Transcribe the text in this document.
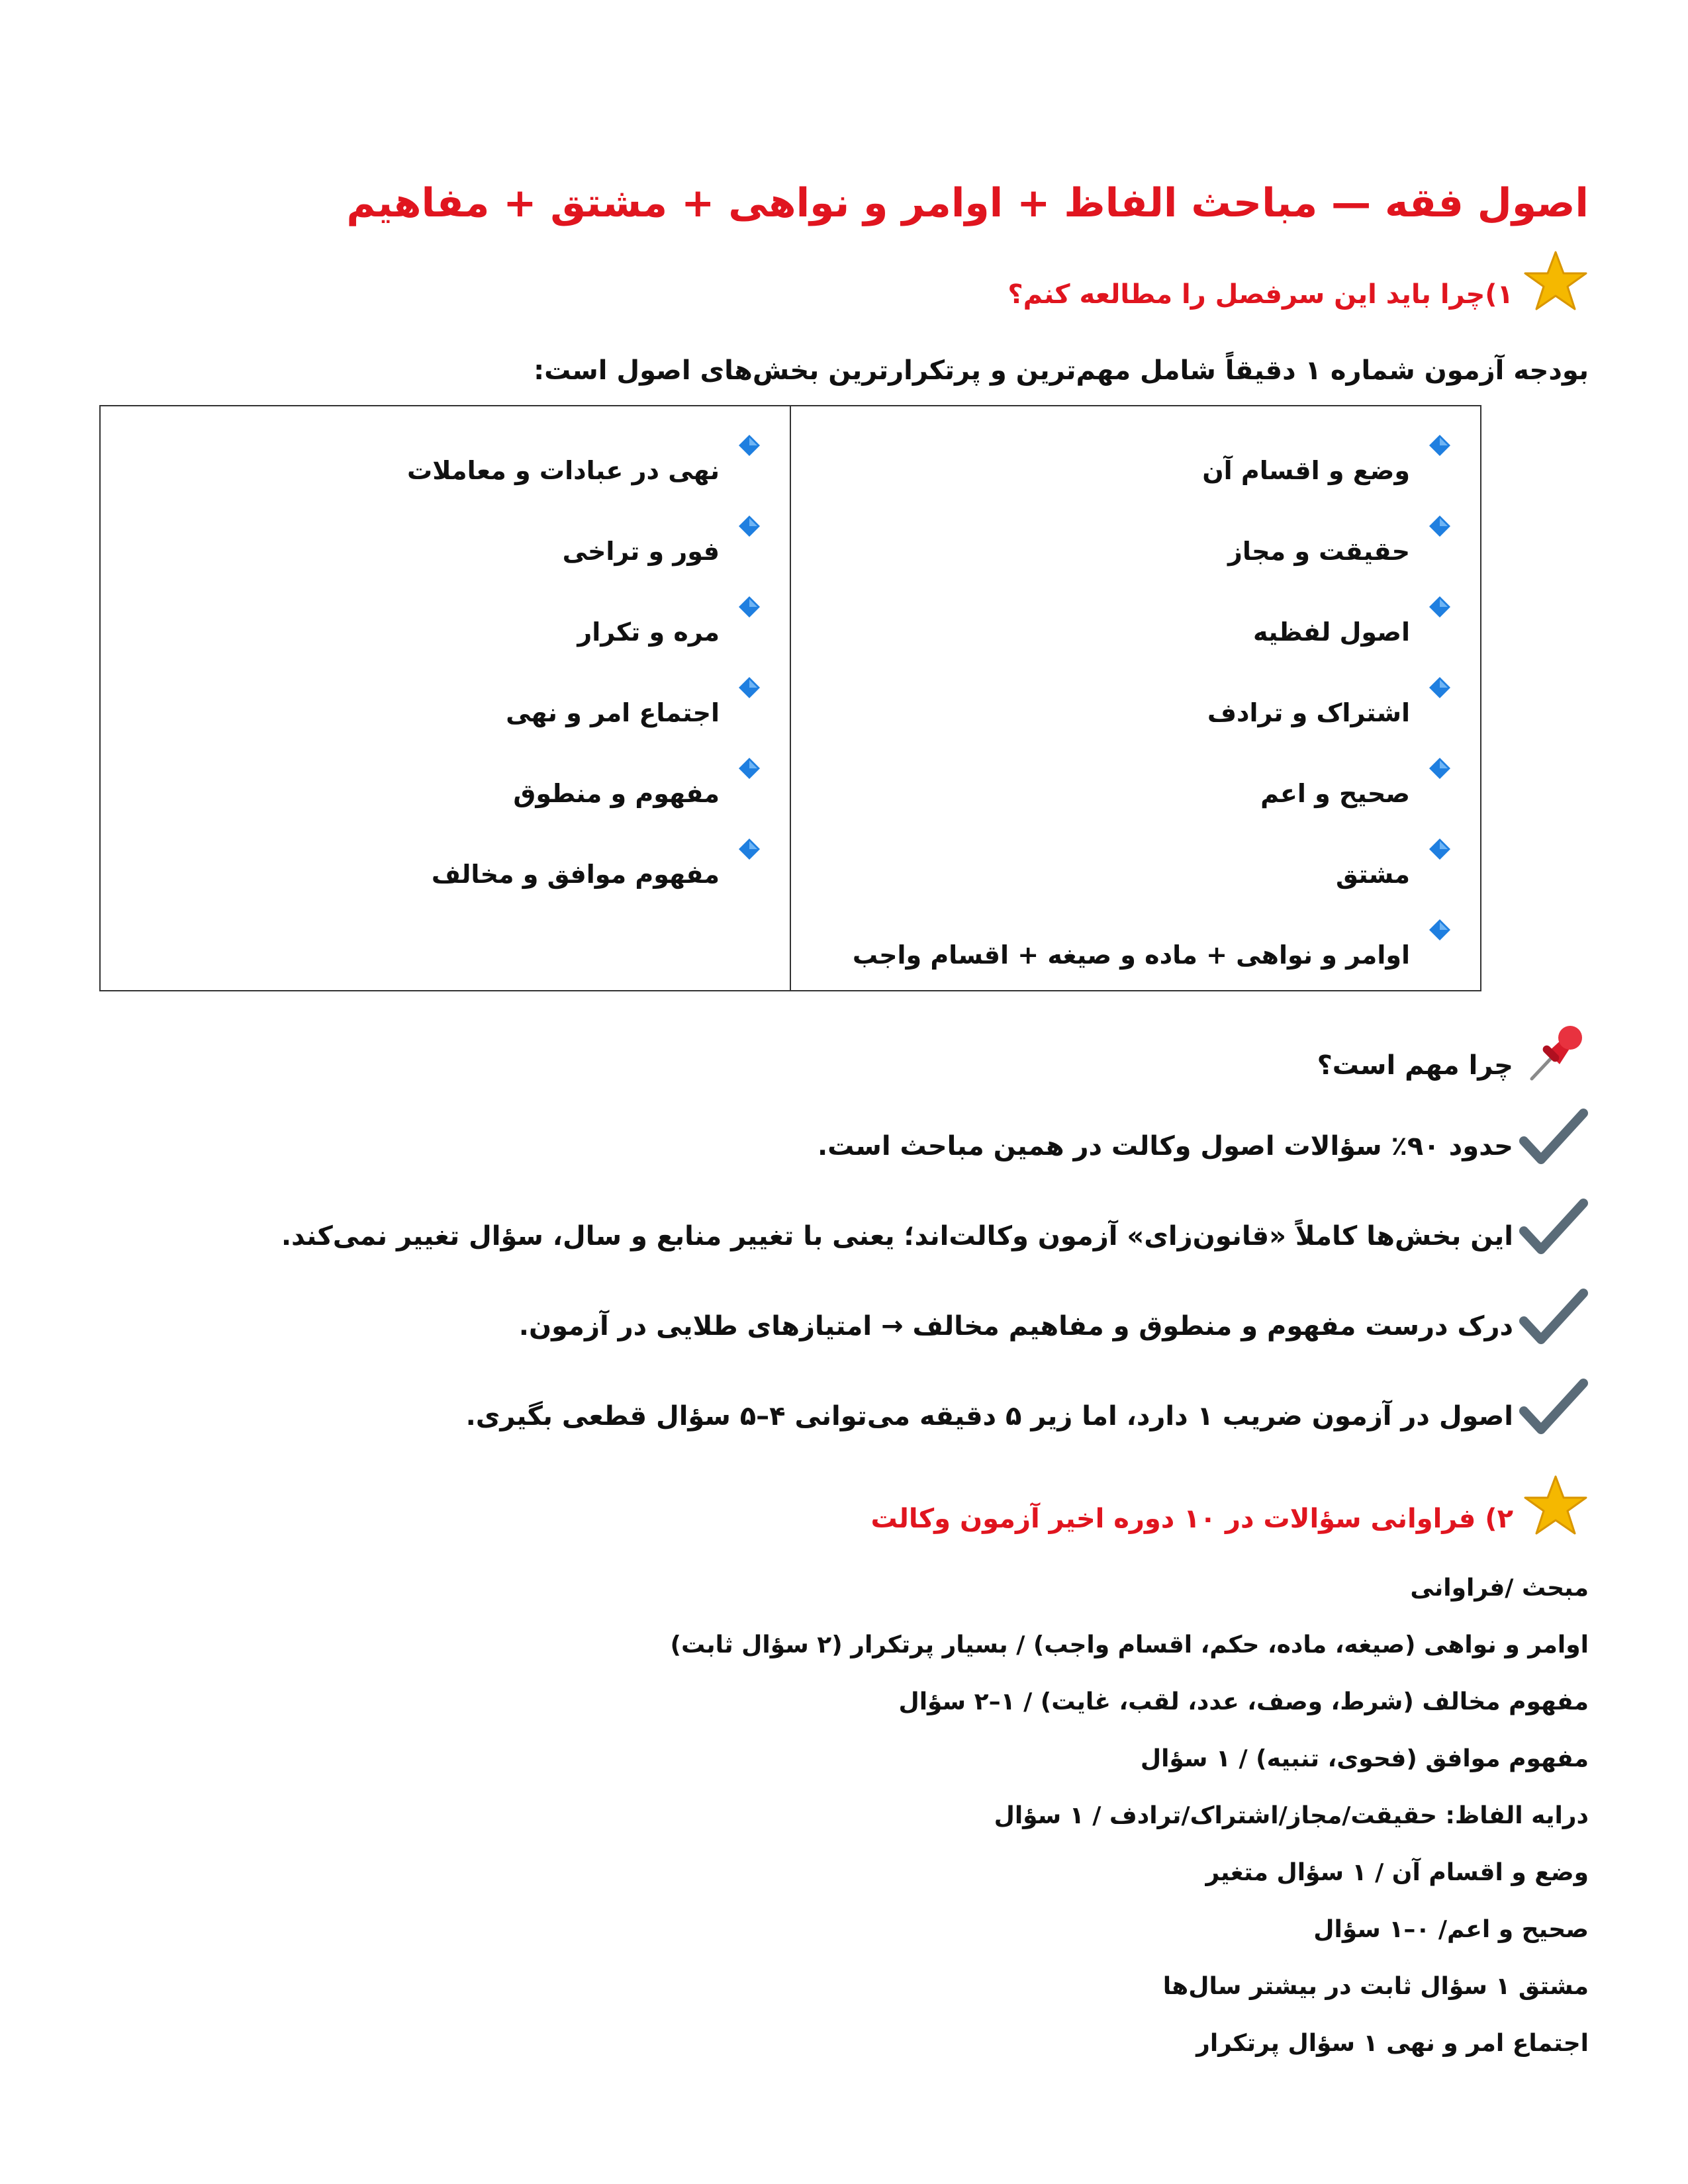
اصول فقه — مباحث الفاظ + اوامر و نواهی + مشتق + مفاهیم
۱)چرا باید این سرفصل را مطالعه کنم؟
بودجه آزمون شماره ۱ دقیقاً شامل مهم‌ترین و پرتکرارترین بخش‌های اصول است:
وضع و اقسام آن
حقیقت و مجاز
اصول لفظیه
اشتراک و ترادف
صحیح و اعم
مشتق
اوامر و نواهی + ماده و صیغه + اقسام واجب

نهی در عبادات و معاملات
فور و تراخی
مره و تکرار
اجتماع امر و نهی
مفهوم و منطوق
مفهوم موافق و مخالف
چرا مهم است؟
حدود ۹۰٪ سؤالات اصول وکالت در همین مباحث است.
این بخش‌ها کاملاً «قانون‌زای» آزمون وکالت‌اند؛ یعنی با تغییر منابع و سال، سؤال تغییر نمی‌کند.
درک درست مفهوم و منطوق و مفاهیم مخالف → امتیازهای طلایی در آزمون.
اصول در آزمون ضریب ۱ دارد، اما زیر ۵ دقیقه می‌توانی ۴–۵ سؤال قطعی بگیری.
۲) فراوانی سؤالات در ۱۰ دوره اخیر آزمون وکالت
مبحث /فراوانی
اوامر و نواهی (صیغه، ماده، حکم، اقسام واجب) / بسیار پرتکرار (۲ سؤال ثابت)
مفهوم مخالف (شرط، وصف، عدد، لقب، غایت) / ۱–۲ سؤال
مفهوم موافق (فحوی، تنبیه) / ۱ سؤال
درایه الفاظ: حقیقت/مجاز/اشتراک/ترادف / ۱ سؤال
وضع و اقسام آن / ۱ سؤال متغیر
صحیح و اعم/ ۰–۱ سؤال
مشتق ۱ سؤال ثابت در بیشتر سال‌ها
اجتماع امر و نهی ۱ سؤال پرتکرار
